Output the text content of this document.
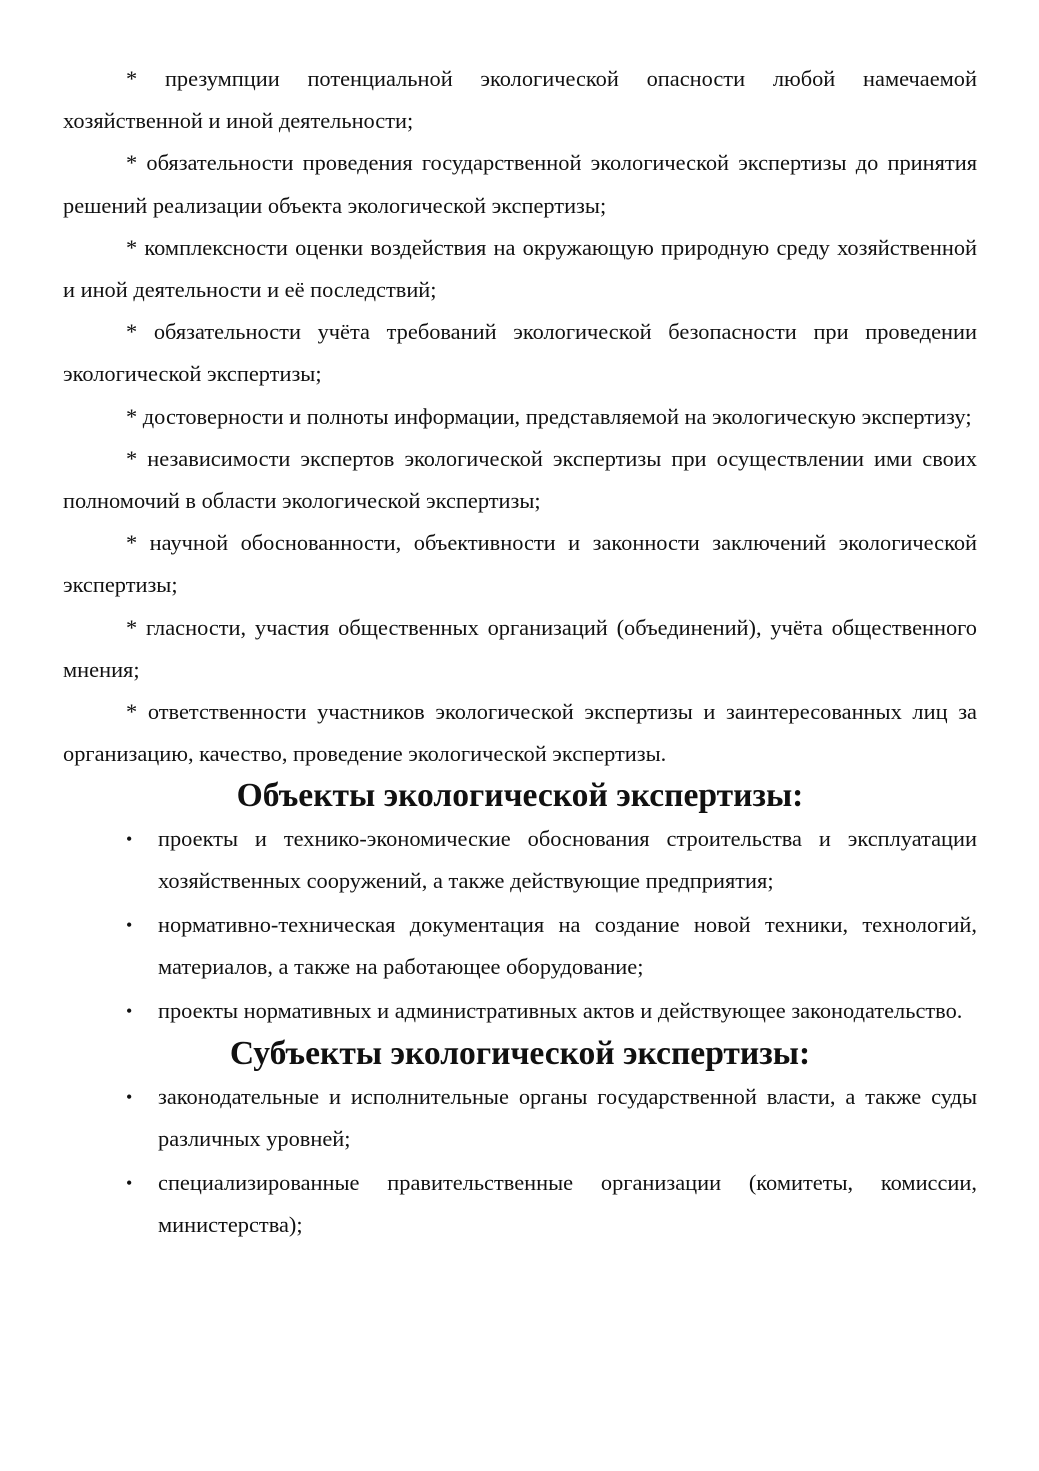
* презумпции потенциальной экологической опасности любой намечаемой хозяйственной и иной деятельности;

* обязательности проведения государственной экологической экспертизы до принятия решений реализации объекта экологической экспертизы;

* комплексности оценки воздействия на окружающую природную среду хозяйственной и иной деятельности и её последствий;

* обязательности учёта требований экологической безопасности при проведении экологической экспертизы;

* достоверности и полноты информации, представляемой на экологическую экспертизу;

* независимости экспертов экологической экспертизы при осуществлении ими своих полномочий в области экологической экспертизы;

* научной обоснованности, объективности и законности заключений экологической экспертизы;

* гласности, участия общественных организаций (объединений), учёта общественного мнения;

* ответственности участников экологической экспертизы и заинтересованных лиц за организацию, качество, проведение экологической экспертизы.

Объекты экологической экспертизы:
• проекты и технико-экономические обоснования строительства и эксплуатации хозяйственных сооружений, а также действующие предприятия;
• нормативно-техническая документация на создание новой техники, технологий, материалов, а также на работающее оборудование;
• проекты нормативных и административных актов и действующее законодательство.
Субъекты экологической экспертизы:
• законодательные и исполнительные органы государственной власти, а также суды различных уровней;
• специализированные правительственные организации (комитеты, комиссии, министерства);
